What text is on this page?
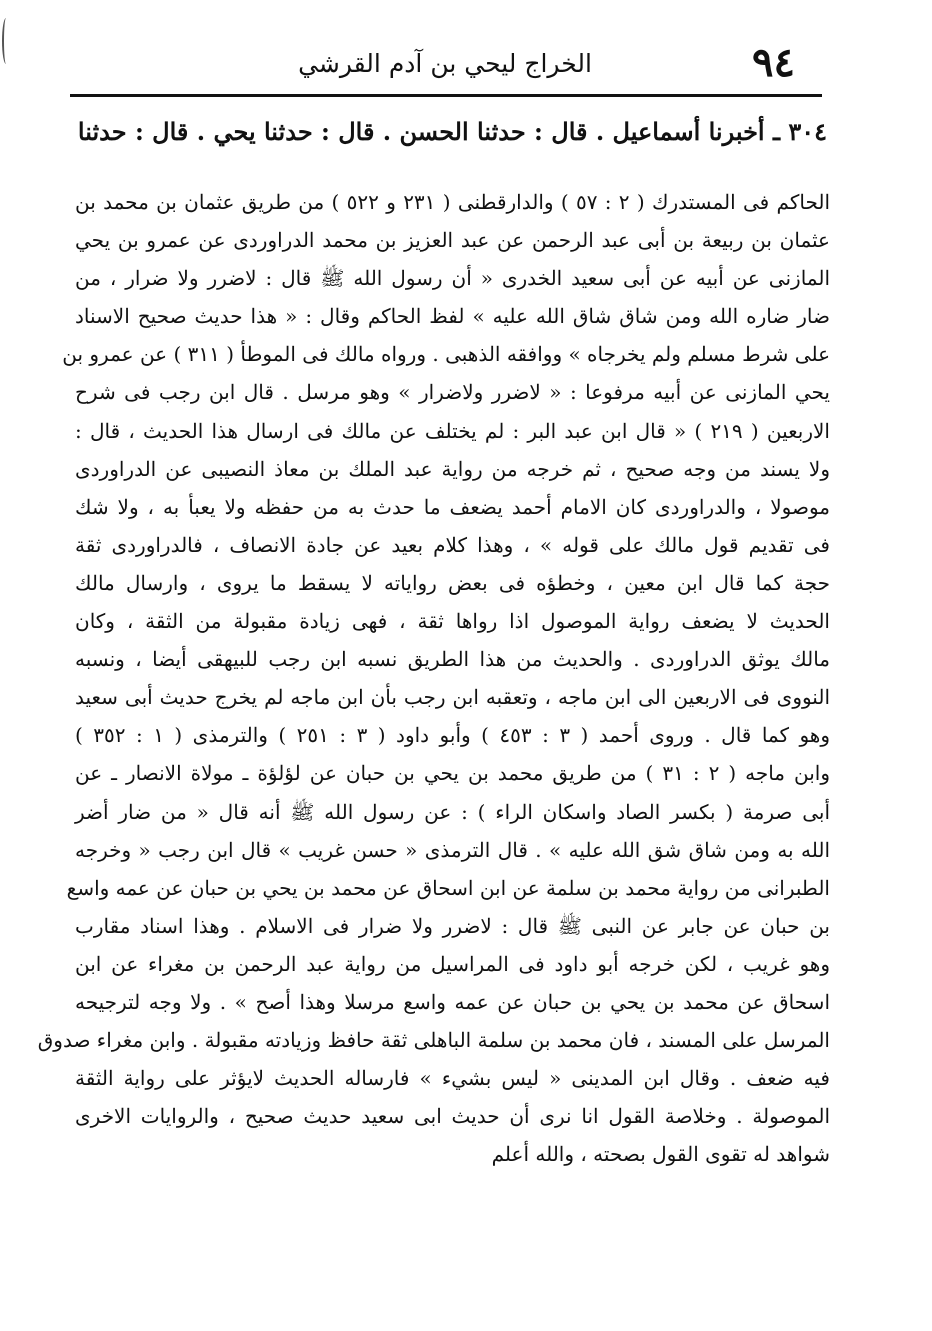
٩٤
الخراج ليحي بن آدم القرشي
٣٠٤ ـ أخبرنا أسماعيل . قال : حدثنا الحسن . قال : حدثنا يحي . قال : حدثنا
الحاكم فى المستدرك ( ٢ : ٥٧ ) والدارقطنى ( ٢٣١ و ٥٢٢ ) من طريق عثمان بن محمد بن
عثمان بن ربيعة بن أبى عبد الرحمن عن عبد العزيز بن محمد الدراوردى عن عمرو بن يحي
المازنى عن أبيه عن أبى سعيد الخدرى « أن رسول الله ﷺ قال : لاضرر ولا ضرار ، من
ضار ضاره الله ومن شاق شاق الله عليه » لفظ الحاكم وقال : « هذا حديث صحيح الاسناد
على شرط مسلم ولم يخرجاه » ووافقه الذهبى . ورواه مالك فى الموطأ ( ٣١١ ) عن عمرو بن
يحي المازنى عن أبيه مرفوعا : « لاضرر ولاضرار » وهو مرسل . قال ابن رجب فى شرح
الاربعين ( ٢١٩ ) « قال ابن عبد البر : لم يختلف عن مالك فى ارسال هذا الحديث ، قال :
ولا يسند من وجه صحيح ، ثم خرجه من رواية عبد الملك بن معاذ النصيبى عن الدراوردى
موصولا ، والدراوردى كان الامام أحمد يضعف ما حدث به من حفظه ولا يعبأ به ، ولا شك
فى تقديم قول مالك على قوله » ، وهذا كلام بعيد عن جادة الانصاف ، فالدراوردى ثقة
حجة كما قال ابن معين ، وخطؤه فى بعض رواياته لا يسقط ما يروى ، وارسال مالك
الحديث لا يضعف رواية الموصول اذا رواها ثقة ، فهى زيادة مقبولة من الثقة ، وكان
مالك يوثق الدراوردى . والحديث من هذا الطريق نسبه ابن رجب للبيهقى أيضا ، ونسبه
النووى فى الاربعين الى ابن ماجه ، وتعقبه ابن رجب بأن ابن ماجه لم يخرج حديث أبى سعيد
وهو كما قال . وروى أحمد ( ٣ : ٤٥٣ ) وأبو داود ( ٣ : ٢٥١ ) والترمذى ( ١ : ٣٥٢ )
وابن ماجه ( ٢ : ٣١ ) من طريق محمد بن يحي بن حبان عن لؤلؤة ـ مولاة الانصار ـ عن
أبى صرمة ( بكسر الصاد واسكان الراء ) : عن رسول الله ﷺ أنه قال « من ضار أضر
الله به ومن شاق شق الله عليه » . قال الترمذى « حسن غريب » قال ابن رجب « وخرجه
الطبرانى من رواية محمد بن سلمة عن ابن اسحاق عن محمد بن يحي بن حبان عن عمه واسع
بن حبان عن جابر عن النبى ﷺ قال : لاضرر ولا ضرار فى الاسلام . وهذا اسناد مقارب
وهو غريب ، لكن خرجه أبو داود فى المراسيل من رواية عبد الرحمن بن مغراء عن ابن
اسحاق عن محمد بن يحي بن حبان عن عمه واسع مرسلا وهذا أصح » . ولا وجه لترجيحه
المرسل على المسند ، فان محمد بن سلمة الباهلى ثقة حافظ وزيادته مقبولة . وابن مغراء صدوق
فيه ضعف . وقال ابن المدينى « ليس بشيء » فارساله الحديث لايؤثر على رواية الثقة
الموصولة . وخلاصة القول انا نرى أن حديث ابى سعيد حديث صحيح ، والروايات الاخرى
شواهد له تقوى القول بصحته ، والله أعلم
